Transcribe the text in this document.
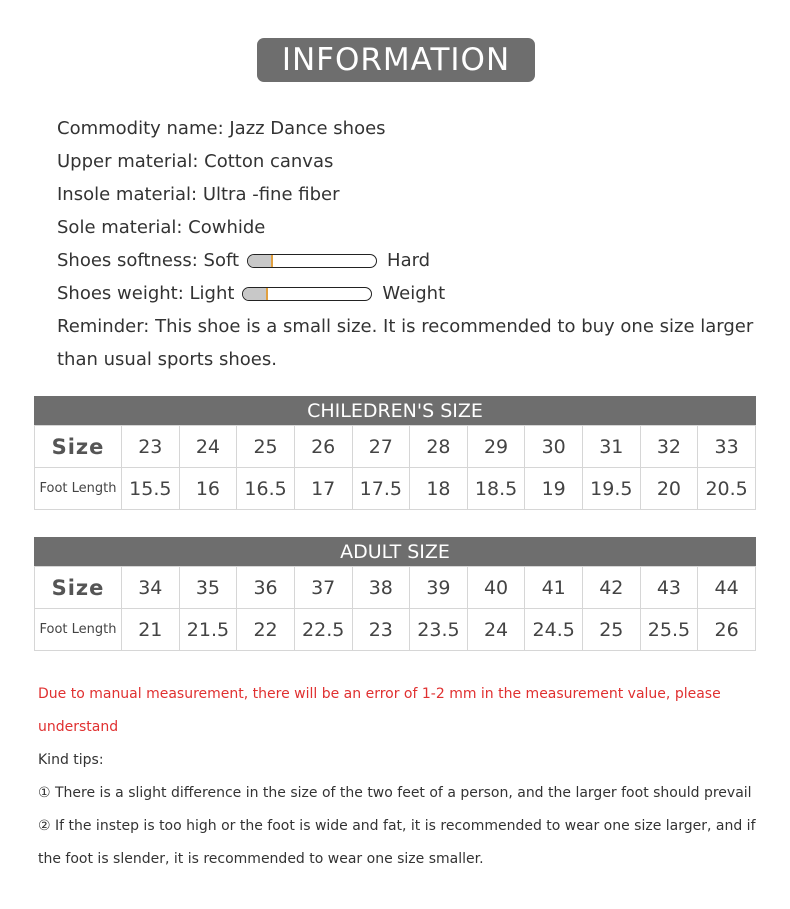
INFORMATION
Commodity name: Jazz Dance shoes
Upper material: Cotton canvas
Insole material: Ultra -fine fiber
Sole material: Cowhide
Shoes softness: Soft	Hard
Shoes weight: Light	Weight
Reminder: This shoe is a small size. It is recommended to buy one size larger than usual sports shoes.
CHILEDREN'S SIZE
Size	23	24	25	26	27	28	29	30	31	32	33
Foot Length	15.5	16	16.5	17	17.5	18	18.5	19	19.5	20	20.5
ADULT SIZE
Size	34	35	36	37	38	39	40	41	42	43	44
Foot Length	21	21.5	22	22.5	23	23.5	24	24.5	25	25.5	26
Due to manual measurement, there will be an error of 1-2 mm in the measurement value, please understand
Kind tips:
① There is a slight difference in the size of the two feet of a person, and the larger foot should prevail
② If the instep is too high or the foot is wide and fat, it is recommended to wear one size larger, and if the foot is slender, it is recommended to wear one size smaller.
